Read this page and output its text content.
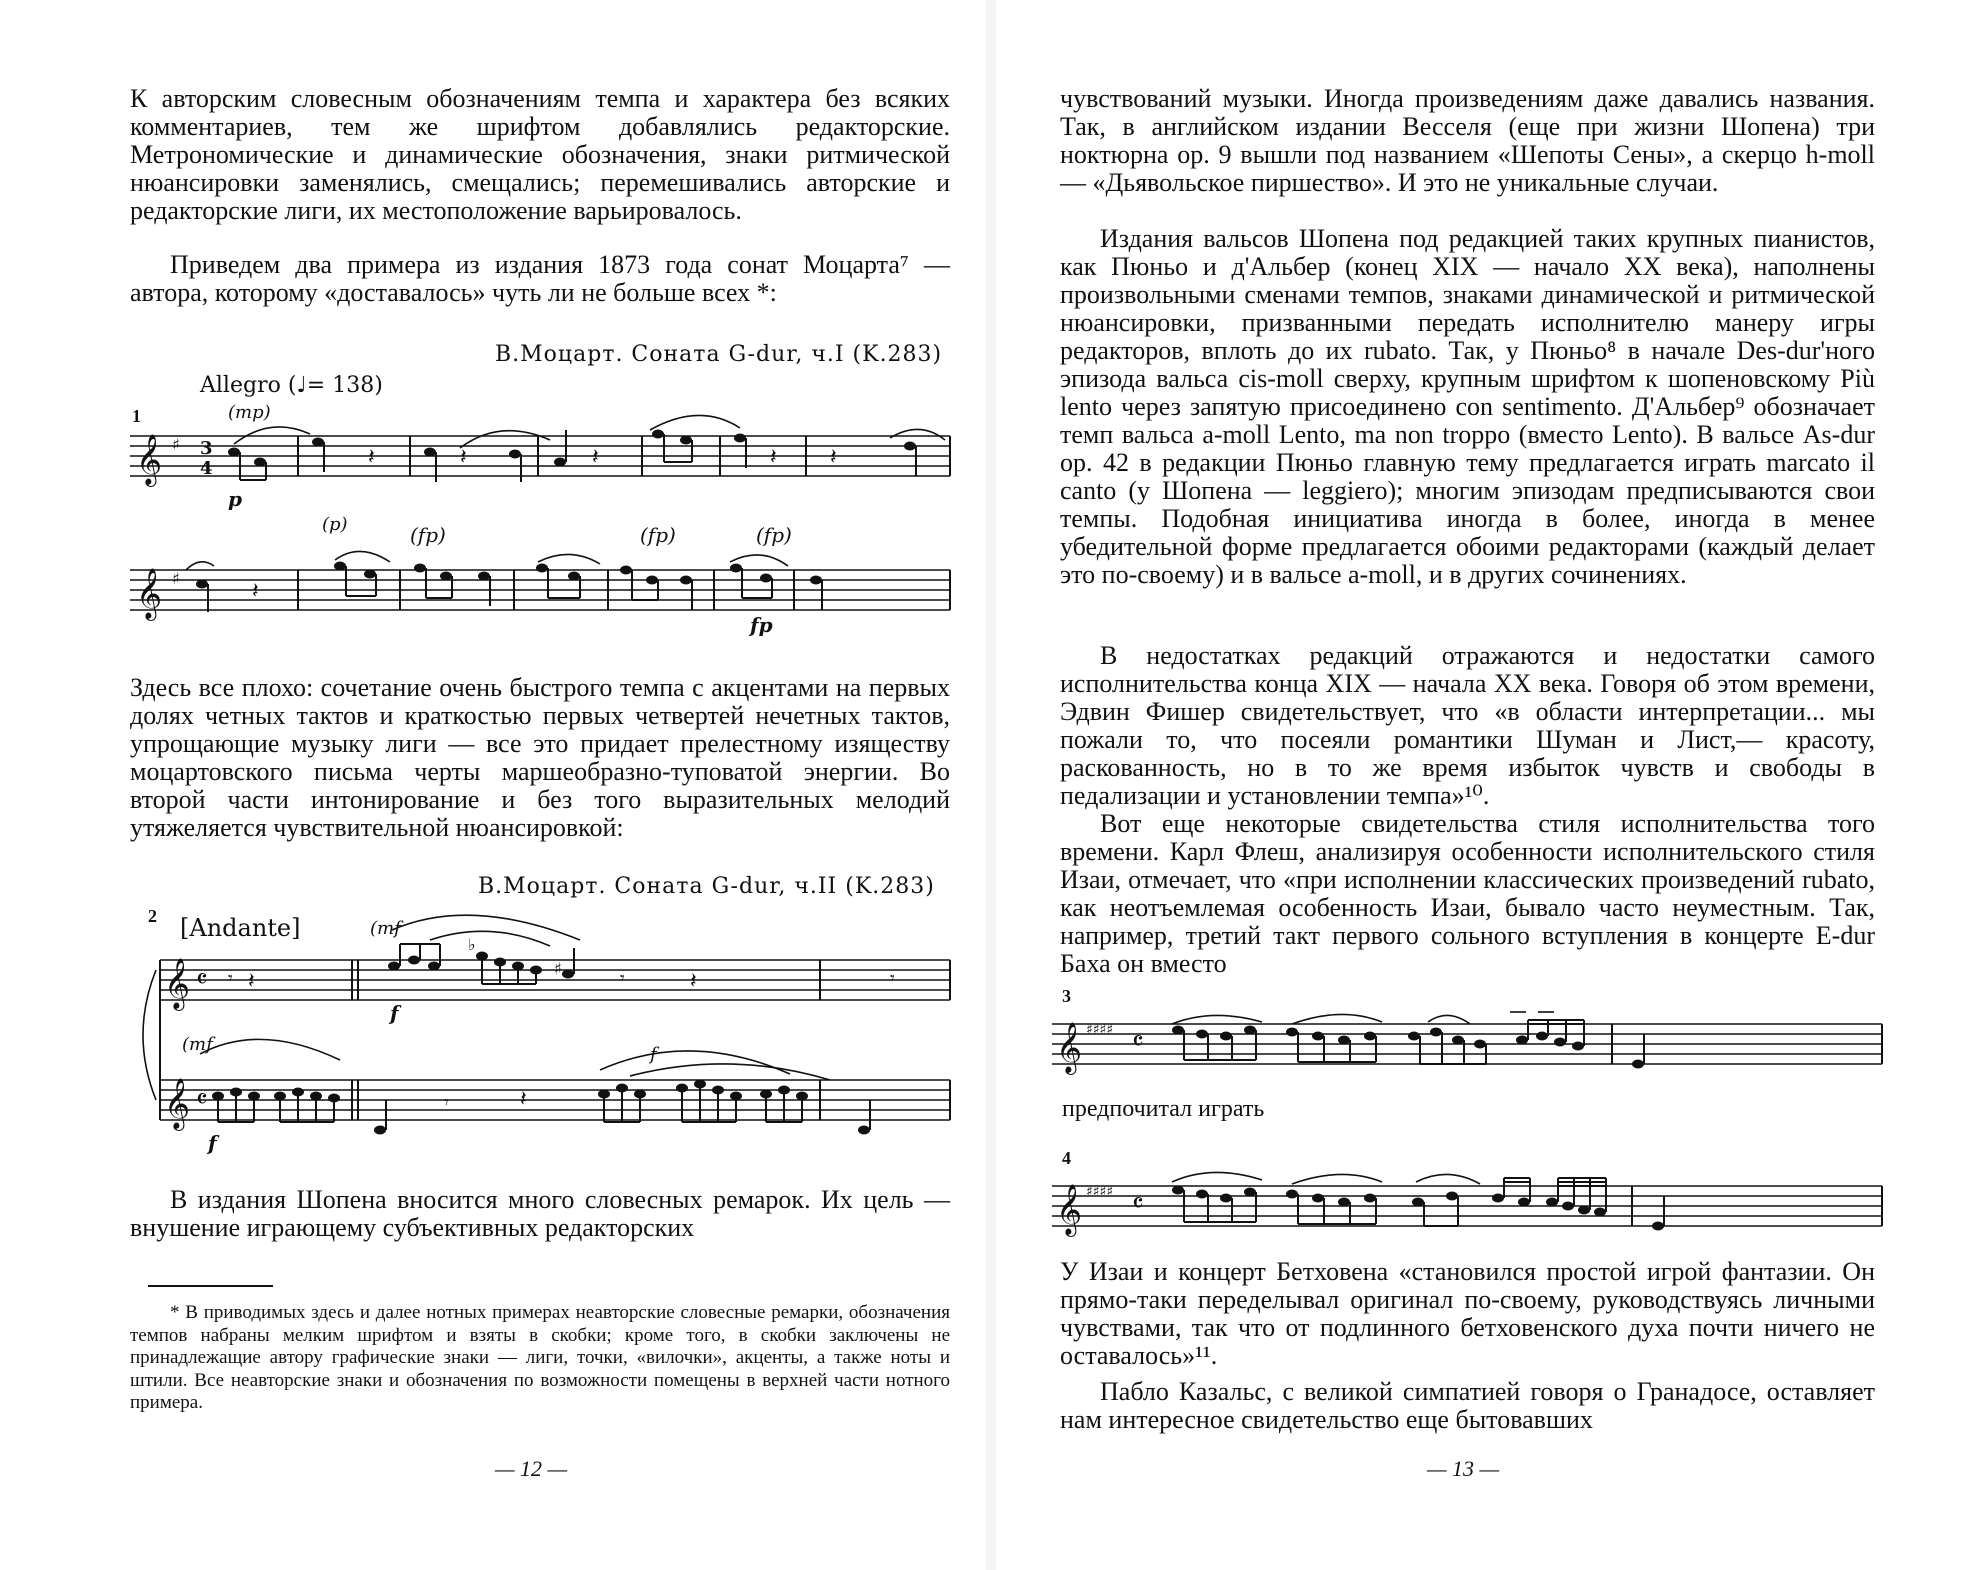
К авторским словесным обозначениям темпа и характера без всяких комментариев, тем же шрифтом добавлялись редакторские. Метрономические и динамические обозначения, знаки ритмической нюансировки заменялись, смещались; перемешивались авторские и редакторские лиги, их местоположение варьировалось.

Приведем два примера из издания 1873 года сонат Моцарта⁷ — автора, которому «доставалось» чуть ли не больше всех *:

В.Моцарт. Соната G-dur, ч.I (K.283)
1
Allegro (♩= 138)
(mp)
p
𝄞 ♯ 3
4	𝄽	𝄽	𝄽	𝄽 𝄽
(p)	(fp)	(fp)	(fp)
fp
𝄞 ♯
𝄽

Здесь все плохо: сочетание очень быстрого темпа с акцентами на первых долях четных тактов и краткостью первых четвертей нечетных тактов, упрощающие музыку лиги — все это придает прелестному изяществу моцартовского письма черты маршеобразно-туповатой энергии. Во второй части интонирование и без того выразительных мелодий утяжеляется чувствительной нюансировкой:

В.Моцарт. Соната G-dur, ч.II (K.283)
2 [Andante]
𝄞
𝄞
𝄴
𝄴
𝄾 𝄽
(mf
♭
♯
f
𝄾	𝄽	𝄾
(mf
f
𝄾	𝄽
f

В издания Шопена вносится много словесных ремарок. Их цель — внушение играющему субъективных редакторских

* В приводимых здесь и далее нотных примерах неавторские словесные ремарки, обозначения темпов набраны мелким шрифтом и взяты в скобки; кроме того, в скобки заключены не принадлежащие автору графические знаки — лиги, точки, «вилочки», акценты, а также ноты и штили. Все неавторские знаки и обозначения по возможности помещены в верхней части нотного примера.

— 12 —

чувствований музыки. Иногда произведениям даже давались названия. Так, в английском издании Весселя (еще при жизни Шопена) три ноктюрна ор. 9 вышли под названием «Шепоты Сены», а скерцо h-moll — «Дьявольское пиршество». И это не уникальные случаи.

Издания вальсов Шопена под редакцией таких крупных пианистов, как Пюньо и д'Альбер (конец XIX — начало XX века), наполнены произвольными сменами темпов, знаками динамической и ритмической нюансировки, призванными передать исполнителю манеру игры редакторов, вплоть до их rubato. Так, у Пюньо⁸ в начале Des-dur'ного эпизода вальса cis-moll сверху, крупным шрифтом к шопеновскому Più lento через запятую присоединено con sentimento. Д'Альбер⁹ обозначает темп вальса a-moll Lento, ma non troppo (вместо Lento). В вальсе As-dur ор. 42 в редакции Пюньо главную тему предлагается играть marcato il canto (у Шопена — leggiero); многим эпизодам предписываются свои темпы. Подобная инициатива иногда в более, иногда в менее убедительной форме предлагается обоими редакторами (каждый делает это по-своему) и в вальсе a-moll, и в других сочинениях.

В недостатках редакций отражаются и недостатки самого исполнительства конца XIX — начала XX века. Говоря об этом времени, Эдвин Фишер свидетельствует, что «в области интерпретации... мы пожали то, что посеяли романтики Шуман и Лист,— красоту, раскованность, но в то же время избыток чувств и свободы в педализации и установлении темпа»¹⁰.

Вот еще некоторые свидетельства стиля исполнительства того времени. Карл Флеш, анализируя особенности исполнительского стиля Изаи, отмечает, что «при исполнении классических произведений rubato, как неотъемлемая особенность Изаи, бывало часто неуместным. Так, например, третий такт первого сольного вступления в концерте E-dur Баха он вместо

3
𝄞 ♯♯♯♯ 𝄴
предпочитал играть
4
𝄞 ♯♯♯♯ 𝄴

У Изаи и концерт Бетховена «становился простой игрой фантазии. Он прямо-таки переделывал оригинал по-своему, руководствуясь личными чувствами, так что от подлинного бетховенского духа почти ничего не оставалось»¹¹.

Пабло Казальс, с великой симпатией говоря о Гранадосе, оставляет нам интересное свидетельство еще бытовавших

— 13 —
